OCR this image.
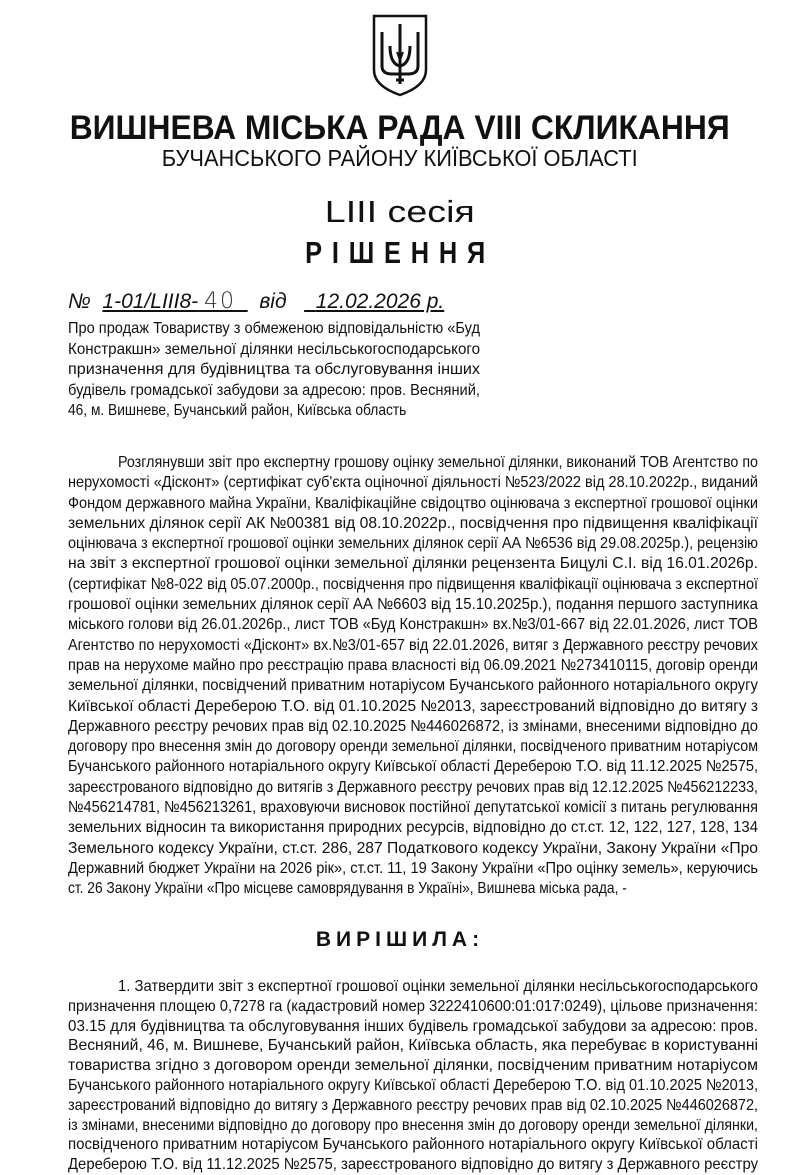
ВИШНЕВА МІСЬКА РАДА VIII СКЛИКАННЯ
БУЧАНСЬКОГО РАЙОНУ КИЇВСЬКОЇ ОБЛАСТІ
LIII сесія
РІШЕННЯ
№ 1-01/LIII8- 40 від 12.02.2026 р.
Про продаж Товариству з обмеженою відповідальністю «Буд
Констракшн» земельної ділянки несільськогосподарського
призначення для будівництва та обслуговування інших
будівель громадської забудови за адресою: пров. Весняний,
46, м. Вишневе, Бучанський район, Київська область
Розглянувши звіт про експертну грошову оцінку земельної ділянки, виконаний ТОВ Агентство по
нерухомості «Дісконт» (сертифікат суб'єкта оціночної діяльності №523/2022 від 28.10.2022р., виданий
Фондом державного майна України, Кваліфікаційне свідоцтво оцінювача з експертної грошової оцінки
земельних ділянок серії АК №00381 від 08.10.2022р., посвідчення про підвищення кваліфікації
оцінювача з експертної грошової оцінки земельних ділянок серії АА №6536 від 29.08.2025р.), рецензію
на звіт з експертної грошової оцінки земельної ділянки рецензента Бицулі С.І. від 16.01.2026р.
(сертифікат №8-022 від 05.07.2000р., посвідчення про підвищення кваліфікації оцінювача з експертної
грошової оцінки земельних ділянок серії АА №6603 від 15.10.2025р.), подання першого заступника
міського голови від 26.01.2026р., лист ТОВ «Буд Констракшн» вх.№3/01-667 від 22.01.2026, лист ТОВ
Агентство по нерухомості «Дісконт» вх.№3/01-657 від 22.01.2026, витяг з Державного реєстру речових
прав на нерухоме майно про реєстрацію права власності від 06.09.2021 №273410115, договір оренди
земельної ділянки, посвідчений приватним нотаріусом Бучанського районного нотаріального округу
Київської області Дереберою Т.О. від 01.10.2025 №2013, зареєстрований відповідно до витягу з
Державного реєстру речових прав від 02.10.2025 №446026872, із змінами, внесеними відповідно до
договору про внесення змін до договору оренди земельної ділянки, посвідченого приватним нотаріусом
Бучанського районного нотаріального округу Київської області Дереберою Т.О. від 11.12.2025 №2575,
зареєстрованого відповідно до витягів з Державного реєстру речових прав від 12.12.2025 №456212233,
№456214781, №456213261, враховуючи висновок постійної депутатської комісії з питань регулювання
земельних відносин та використання природних ресурсів, відповідно до ст.ст. 12, 122, 127, 128, 134
Земельного кодексу України, ст.ст. 286, 287 Податкового кодексу України, Закону України «Про
Державний бюджет України на 2026 рік», ст.ст. 11, 19 Закону України «Про оцінку земель», керуючись
ст. 26 Закону України «Про місцеве самоврядування в Україні», Вишнева міська рада, -
ВИРІШИЛА:
1. Затвердити звіт з експертної грошової оцінки земельної ділянки несільськогосподарського
призначення площею 0,7278 га (кадастровий номер 3222410600:01:017:0249), цільове призначення:
03.15 для будівництва та обслуговування інших будівель громадської забудови за адресою: пров.
Весняний, 46, м. Вишневе, Бучанський район, Київська область, яка перебуває в користуванні
товариства згідно з договором оренди земельної ділянки, посвідченим приватним нотаріусом
Бучанського районного нотаріального округу Київської області Дереберою Т.О. від 01.10.2025 №2013,
зареєстрований відповідно до витягу з Державного реєстру речових прав від 02.10.2025 №446026872,
із змінами, внесеними відповідно до договору про внесення змін до договору оренди земельної ділянки,
посвідченого приватним нотаріусом Бучанського районного нотаріального округу Київської області
Дереберою Т.О. від 11.12.2025 №2575, зареєстрованого відповідно до витягу з Державного реєстру
